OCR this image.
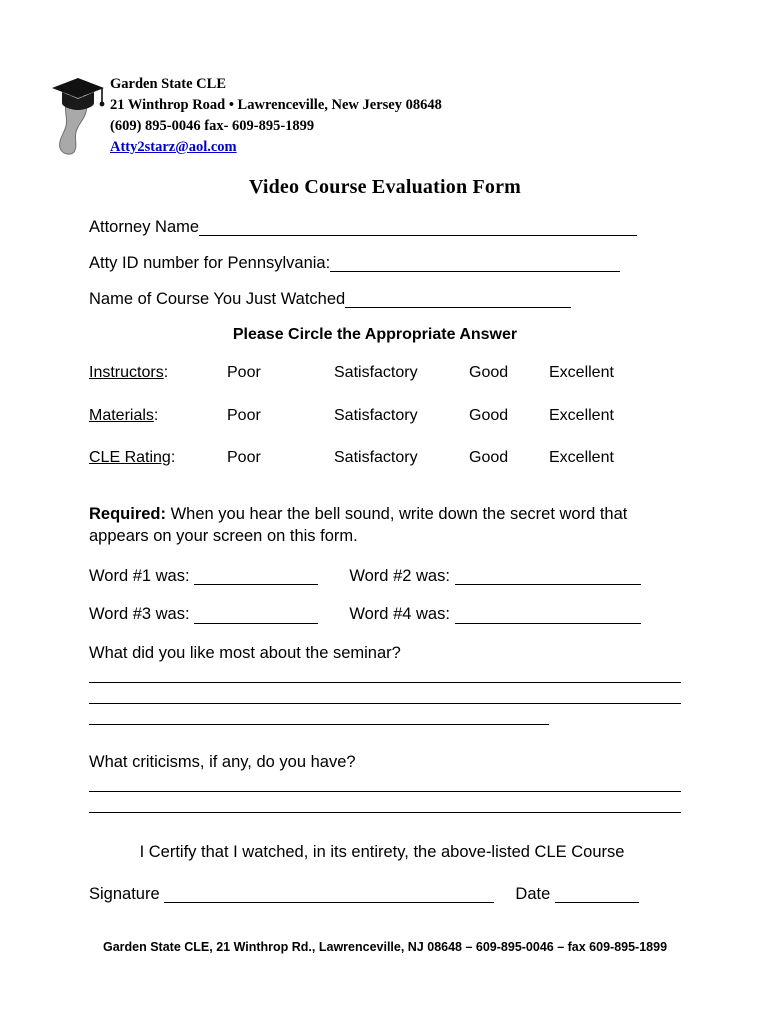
Garden State CLE
21 Winthrop Road • Lawrenceville, New Jersey 08648
(609) 895-0046 fax- 609-895-1899
Atty2starz@aol.com
Video Course Evaluation Form
Attorney Name
Atty ID number for Pennsylvania:
Name of Course You Just Watched
Please Circle the Appropriate Answer
Instructors:	Poor	Satisfactory	Good	Excellent
Materials:	Poor	Satisfactory	Good	Excellent
CLE Rating:	Poor	Satisfactory	Good	Excellent
Required: When you hear the bell sound, write down the secret word that appears on your screen on this form.
Word #1 was:	Word #2 was:
Word #3 was:	Word #4 was:
What did you like most about the seminar?
What criticisms, if any, do you have?
I Certify that I watched, in its entirety, the above-listed CLE Course
Signature	Date
Garden State CLE, 21 Winthrop Rd., Lawrenceville, NJ 08648 – 609-895-0046 – fax 609-895-1899
